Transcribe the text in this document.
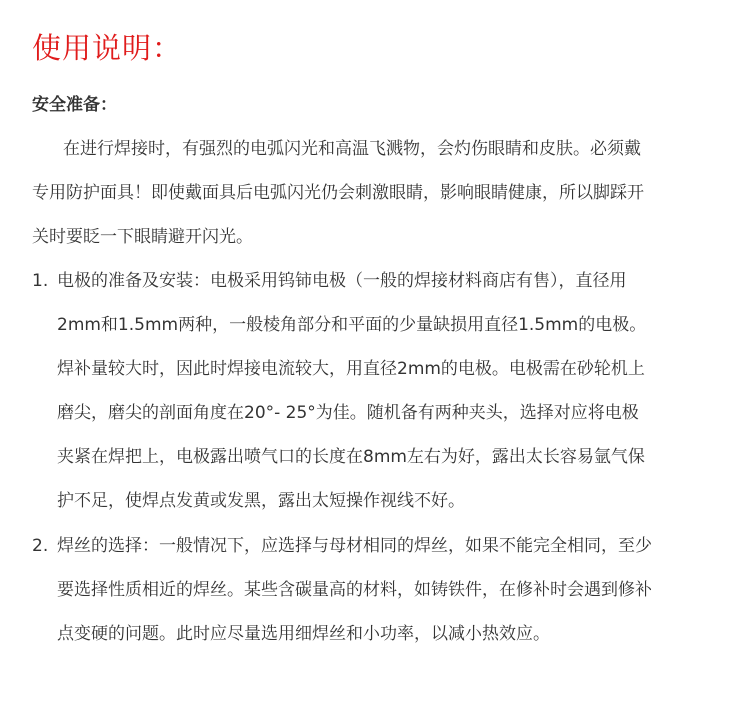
使用说明：
安全准备：
在进行焊接时，有强烈的电弧闪光和高温飞溅物，会灼伤眼睛和皮肤。必须戴
专用防护面具！即使戴面具后电弧闪光仍会刺激眼睛，影响眼睛健康，所以脚踩开
关时要眨一下眼睛避开闪光。
1. 电极的准备及安装：电极采用钨铈电极（一般的焊接材料商店有售），直径用
2mm和1.5mm两种，一般棱角部分和平面的少量缺损用直径1.5mm的电极。
焊补量较大时，因此时焊接电流较大，用直径2mm的电极。电极需在砂轮机上
磨尖，磨尖的剖面角度在20°- 25°为佳。随机备有两种夹头，选择对应将电极
夹紧在焊把上，电极露出喷气口的长度在8mm左右为好，露出太长容易氩气保
护不足，使焊点发黄或发黑，露出太短操作视线不好。
2. 焊丝的选择：一般情况下，应选择与母材相同的焊丝，如果不能完全相同，至少
要选择性质相近的焊丝。某些含碳量高的材料，如铸铁件，在修补时会遇到修补
点变硬的问题。此时应尽量选用细焊丝和小功率，以减小热效应。
